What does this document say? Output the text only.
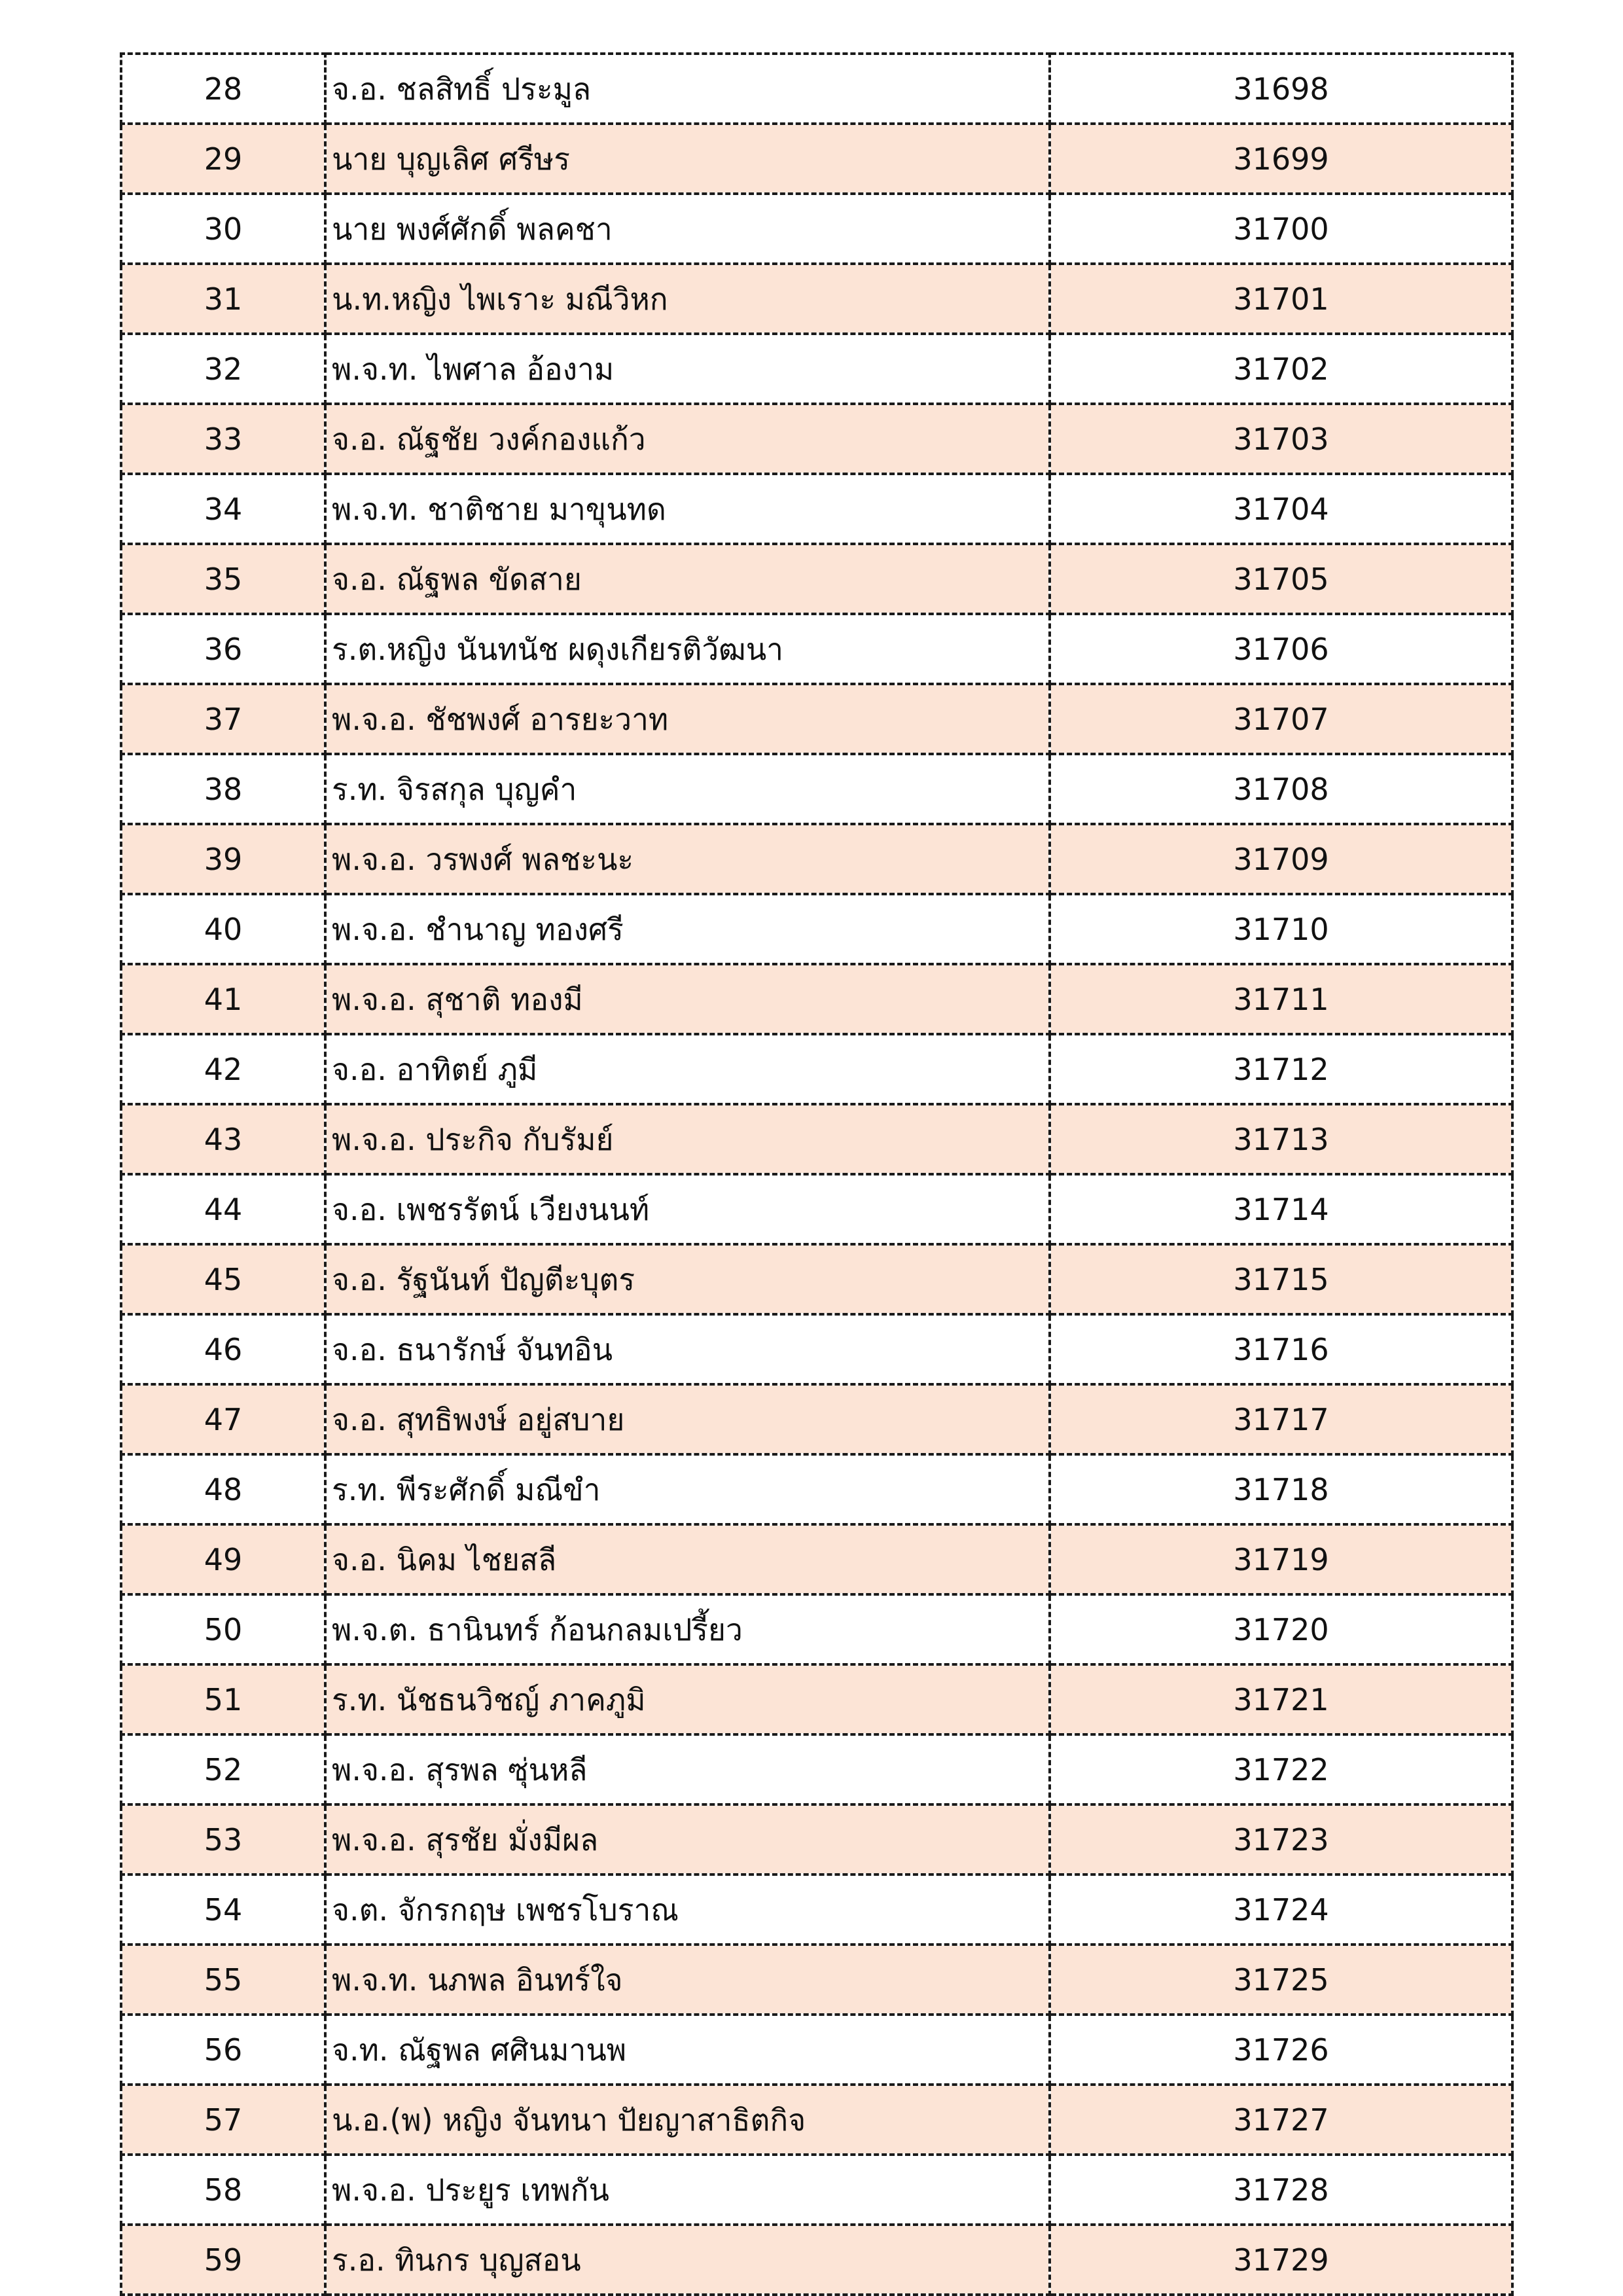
28	จ.อ. ชลสิทธิ์ ประมูล	31698
29	นาย บุญเลิศ ศรีษร	31699
30	นาย พงศ์ศักดิ์ พลคชา	31700
31	น.ท.หญิง ไพเราะ มณีวิหก	31701
32	พ.จ.ท. ไพศาล อ้องาม	31702
33	จ.อ. ณัฐชัย วงค์กองแก้ว	31703
34	พ.จ.ท. ชาติชาย มาขุนทด	31704
35	จ.อ. ณัฐพล ขัดสาย	31705
36	ร.ต.หญิง นันทนัช ผดุงเกียรติวัฒนา	31706
37	พ.จ.อ. ชัชพงศ์ อารยะวาท	31707
38	ร.ท. จิรสกุล บุญคำ	31708
39	พ.จ.อ. วรพงศ์ พลชะนะ	31709
40	พ.จ.อ. ชำนาญ ทองศรี	31710
41	พ.จ.อ. สุชาติ ทองมี	31711
42	จ.อ. อาทิตย์ ภูมี	31712
43	พ.จ.อ. ประกิจ กับรัมย์	31713
44	จ.อ. เพชรรัตน์ เวียงนนท์	31714
45	จ.อ. รัฐนันท์ ปัญตีะบุตร	31715
46	จ.อ. ธนารักษ์ จันทอิน	31716
47	จ.อ. สุทธิพงษ์ อยู่สบาย	31717
48	ร.ท. พีระศักดิ์ มณีขำ	31718
49	จ.อ. นิคม ไชยสลี	31719
50	พ.จ.ต. ธานินทร์ ก้อนกลมเปรี้ยว	31720
51	ร.ท. นัชธนวิชญ์ ภาคภูมิ	31721
52	พ.จ.อ. สุรพล ซุ่นหลี	31722
53	พ.จ.อ. สุรชัย มั่งมีผล	31723
54	จ.ต. จักรกฤษ เพชรโบราณ	31724
55	พ.จ.ท. นภพล อินทร์ใจ	31725
56	จ.ท. ณัฐพล ศศินมานพ	31726
57	น.อ.(พ) หญิง จันทนา ปัยญาสาธิตกิจ	31727
58	พ.จ.อ. ประยูร เทพกัน	31728
59	ร.อ. ทินกร บุญสอน	31729
